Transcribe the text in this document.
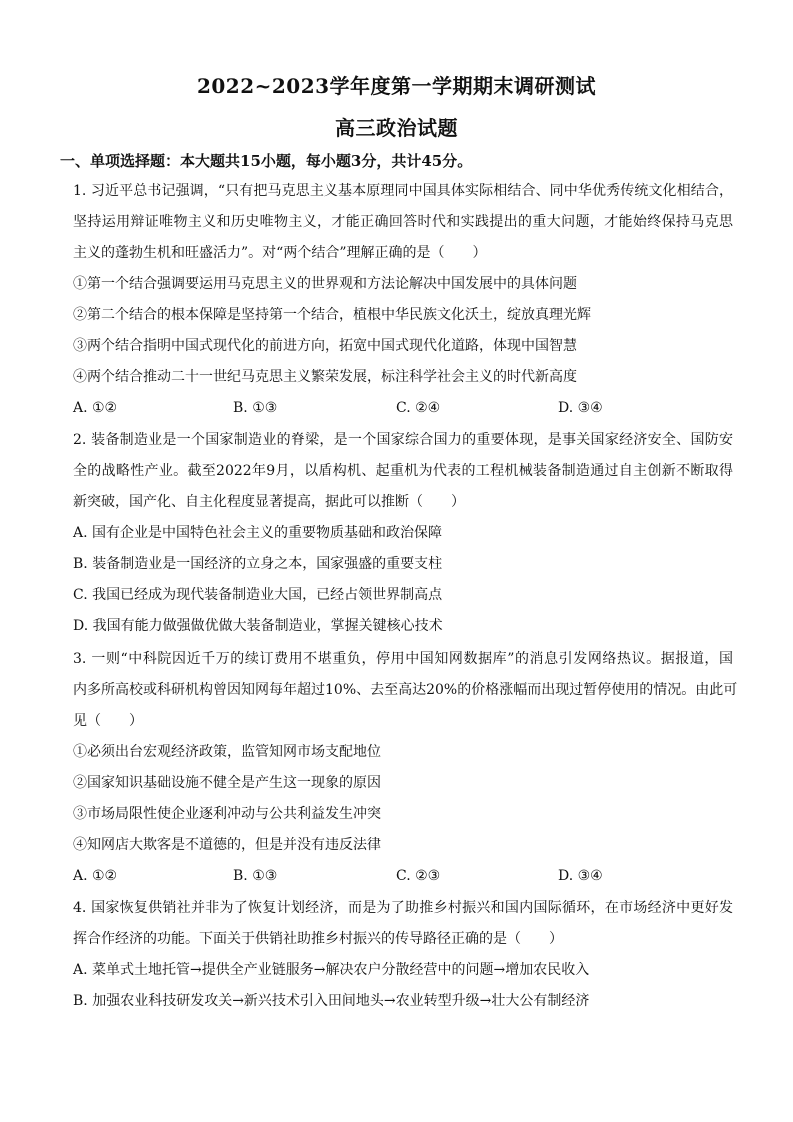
2022~2023学年度第一学期期末调研测试
高三政治试题
一、单项选择题：本大题共15小题，每小题3分，共计45分。
1. 习近平总书记强调，“只有把马克思主义基本原理同中国具体实际相结合、同中华优秀传统文化相结合，
坚持运用辩证唯物主义和历史唯物主义，才能正确回答时代和实践提出的重大问题，才能始终保持马克思
主义的蓬勃生机和旺盛活力”。对“两个结合”理解正确的是（　　）
①第一个结合强调要运用马克思主义的世界观和方法论解决中国发展中的具体问题
②第二个结合的根本保障是坚持第一个结合，植根中华民族文化沃土，绽放真理光辉
③两个结合指明中国式现代化的前进方向，拓宽中国式现代化道路，体现中国智慧
④两个结合推动二十一世纪马克思主义繁荣发展，标注科学社会主义的时代新高度
A. ①②	B. ①③	C. ②④	D. ③④
2. 装备制造业是一个国家制造业的脊梁，是一个国家综合国力的重要体现，是事关国家经济安全、国防安
全的战略性产业。截至2022年9月，以盾构机、起重机为代表的工程机械装备制造通过自主创新不断取得
新突破，国产化、自主化程度显著提高，据此可以推断（　　）
A. 国有企业是中国特色社会主义的重要物质基础和政治保障
B. 装备制造业是一国经济的立身之本，国家强盛的重要支柱
C. 我国已经成为现代装备制造业大国，已经占领世界制高点
D. 我国有能力做强做优做大装备制造业，掌握关键核心技术
3. 一则“中科院因近千万的续订费用不堪重负，停用中国知网数据库”的消息引发网络热议。据报道，国
内多所高校或科研机构曾因知网每年超过10%、去至高达20%的价格涨幅而出现过暂停使用的情况。由此可
见（　　）
①必须出台宏观经济政策，监管知网市场支配地位
②国家知识基础设施不健全是产生这一现象的原因
③市场局限性使企业逐利冲动与公共利益发生冲突
④知网店大欺客是不道德的，但是并没有违反法律
A. ①②	B. ①③	C. ②③	D. ③④
4. 国家恢复供销社并非为了恢复计划经济，而是为了助推乡村振兴和国内国际循环，在市场经济中更好发
挥合作经济的功能。下面关于供销社助推乡村振兴的传导路径正确的是（　　）
A. 菜单式土地托管→提供全产业链服务→解决农户分散经营中的问题→增加农民收入
B. 加强农业科技研发攻关→新兴技术引入田间地头→农业转型升级→壮大公有制经济
